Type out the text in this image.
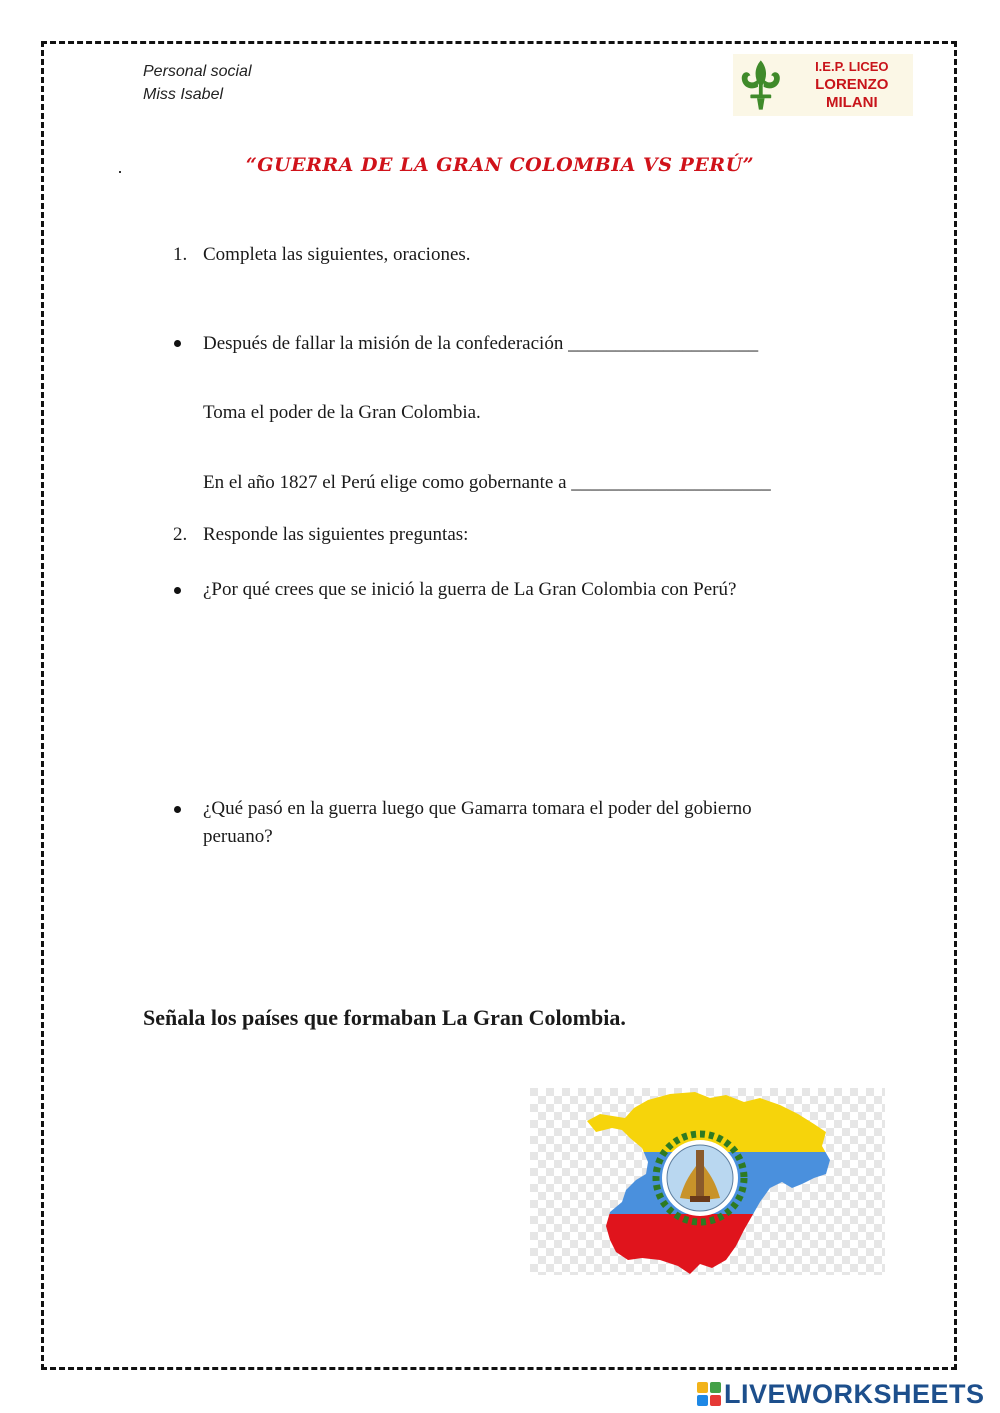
Personal social
Miss Isabel
I.E.P. LICEO
LORENZO MILANI
“GUERRA DE LA GRAN COLOMBIA VS PERÚ”
1. Completa las siguientes, oraciones.
Después de fallar la misión de la confederación ____________________
Toma el poder de la Gran Colombia.
En el año 1827 el Perú elige como gobernante a _____________________
2. Responde las siguientes preguntas:
¿Por qué crees que se inició la guerra de La Gran Colombia con Perú?
¿Qué pasó en la guerra luego que Gamarra tomara el poder del gobierno
peruano?
Señala los países que formaban La Gran Colombia.
LIVEWORKSHEETS
